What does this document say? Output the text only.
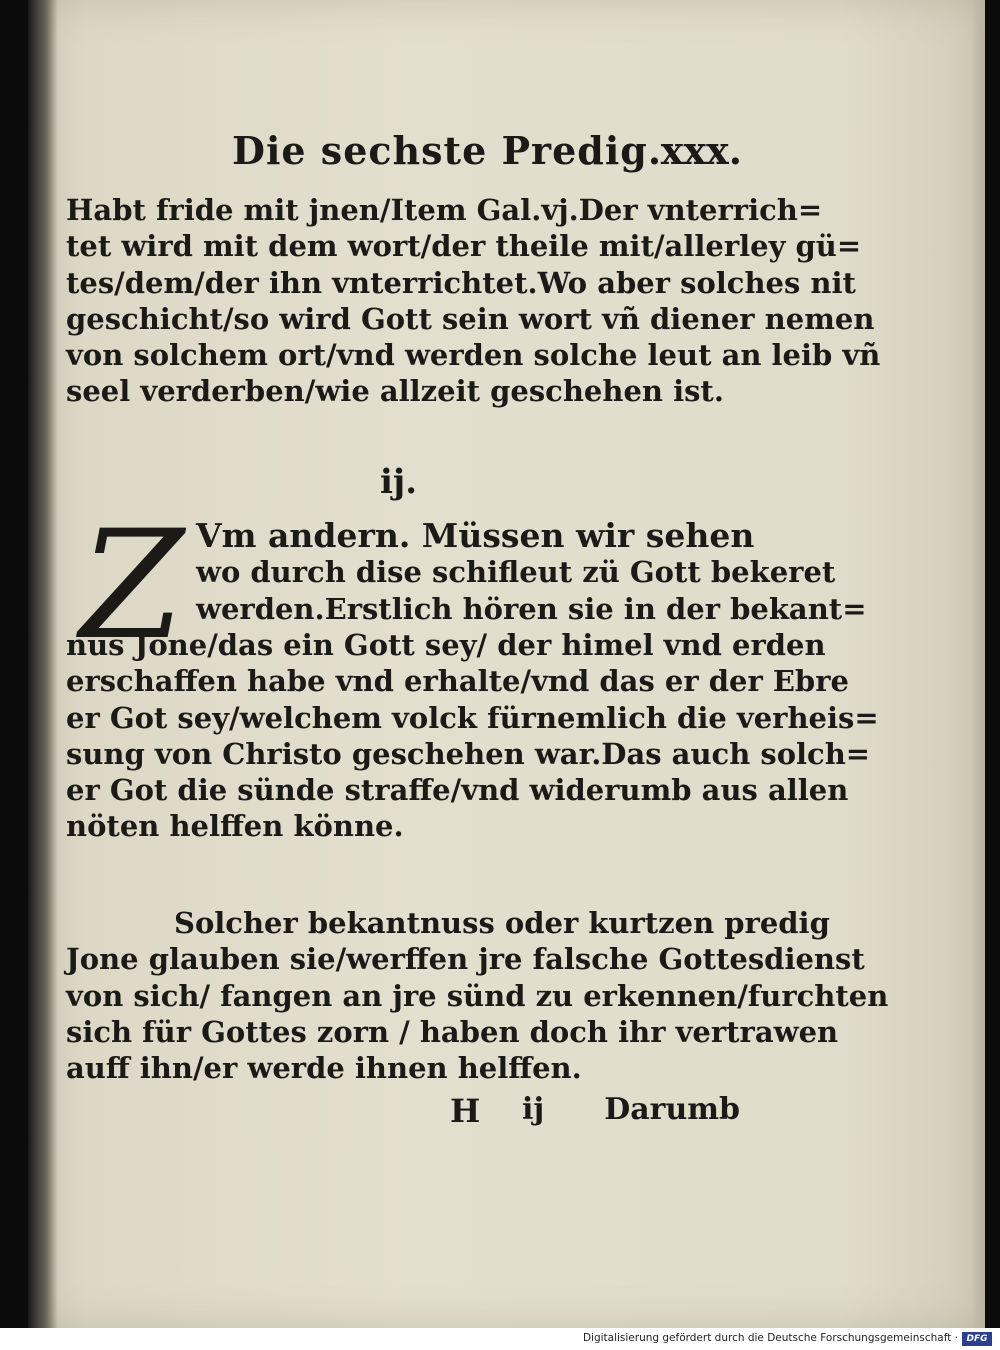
Die sechste Predig.
xxx.
Habt fride mit jnen/Item Gal.vj.Der vnterrich=
tet wird mit dem wort/der theile mit/allerley gü=
tes/dem/der ihn vnterrichtet.Wo aber solches nit
geschicht/so wird Gott sein wort vñ diener nemen
von solchem ort/vnd werden solche leut an leib vñ
seel verderben/wie allzeit geschehen ist.
ij.
Z Vm andern. Müssen wir sehen
wo durch dise schifleut zü Gott bekeret
werden.Erstlich hören sie in der bekant=
nus Jone/das ein Gott sey/ der himel vnd erden
erschaffen habe vnd erhalte/vnd das er der Ebre
er Got sey/welchem volck fürnemlich die verheis=
sung von Christo geschehen war.Das auch solch=
er Got die sünde straffe/vnd widerumb aus allen
nöten helffen könne.
Solcher bekantnuss oder kurtzen predig
Jone glauben sie/werffen jre falsche Gottesdienst
von sich/ fangen an jre sünd zu erkennen/furchten
sich für Gottes zorn / haben doch ihr vertrawen
auff ihn/er werde ihnen helffen.
H ij Darumb
Digitalisierung gefördert durch die Deutsche Forschungsgemeinschaft · DFG
